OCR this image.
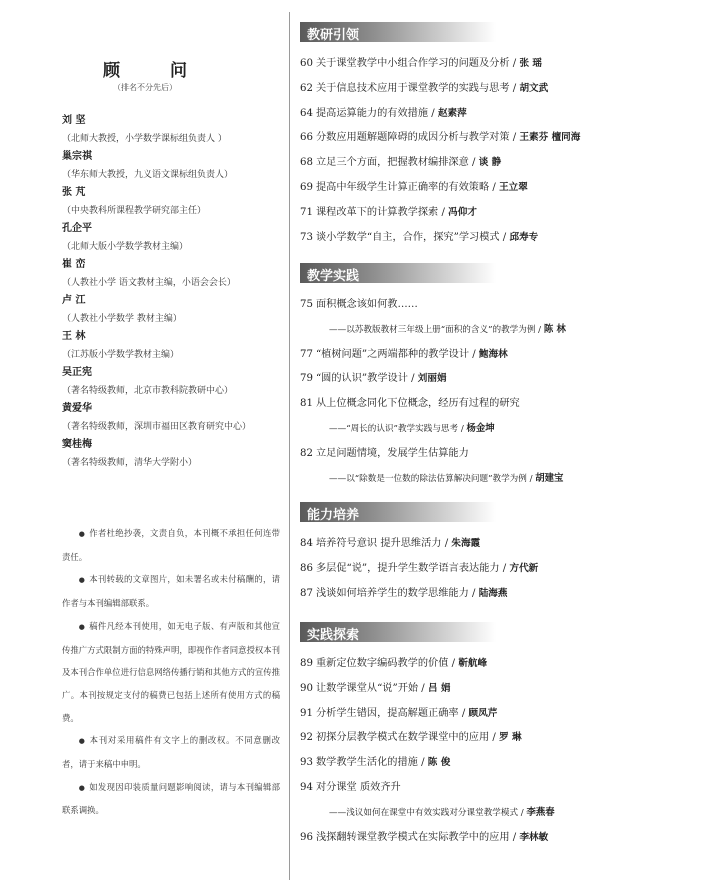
顾 问
（排名不分先后）
刘 坚
（北师大教授，小学数学课标组负责人 ）
巢宗祺
（华东师大教授，九义语文课标组负责人）
张 芃
（中央教科所课程教学研究部主任）
孔企平
（北师大版小学数学教材主编）
崔 峦
（人教社小学 语文教材主编，小语会会长）
卢 江
（人教社小学数学 教材主编）
王 林
（江苏版小学数学教材主编）
吴正宪
（著名特级教师，北京市教科院教研中心）
黄爱华
（著名特级教师，深圳市福田区教育研究中心）
窦桂梅
（著名特级教师，清华大学附小）

● 作者杜绝抄袭，文责自负，本刊概不承担任何连带责任。

● 本刊转载的文章图片，如未署名或未付稿酬的，请作者与本刊编辑部联系。

● 稿件凡经本刊使用，如无电子版、有声版和其他宣传推广方式限制方面的特殊声明，即视作作者同意授权本刊及本刊合作单位进行信息网络传播行销和其他方式的宣传推广。本刊按规定支付的稿费已包括上述所有使用方式的稿费。

● 本刊对采用稿件有文字上的删改权。不同意删改者，请于来稿中申明。

● 如发现因印装质量问题影响阅读，请与本刊编辑部联系调换。

教研引领
60 关于课堂教学中小组合作学习的问题及分析 / 张 瑶
62 关于信息技术应用于课堂教学的实践与思考 / 胡文武
64 提高运算能力的有效措施 / 赵素萍
66 分数应用题解题障碍的成因分析与教学对策 / 王素芬 檀同海
68 立足三个方面，把握教材编排深意 / 谈 静
69 提高中年级学生计算正确率的有效策略 / 王立翠
71 课程改革下的计算教学探索 / 冯仰才
73 谈小学数学“自主，合作，探究”学习模式 / 邱寿专
教学实践
75 面积概念该如何教……
——以苏教版教材三年级上册“面积的含义”的教学为例 / 陈 林
77 “植树问题”之两端都种的教学设计 / 鲍海林
79 “圆的认识”教学设计 / 刘丽娟
81 从上位概念同化下位概念，经历有过程的研究
——“周长的认识”教学实践与思考 / 杨金坤
82 立足问题情境，发展学生估算能力
——以“除数是一位数的除法估算解决问题”教学为例 / 胡建宝
能力培养
84 培养符号意识 提升思维活力 / 朱海霞
86 多层促“说”，提升学生数学语言表达能力 / 方代新
87 浅谈如何培养学生的数学思维能力 / 陆海燕
实践探索
89 重新定位数字编码教学的价值 / 靳航峰
90 让数学课堂从“说”开始 / 吕 娟
91 分析学生错因，提高解题正确率 / 顾凤芹
92 初探分层教学模式在数学课堂中的应用 / 罗 琳
93 数学教学生活化的措施 / 陈 俊
94 对分课堂 质效齐升
——浅议如何在课堂中有效实践对分课堂教学模式 / 李燕春
96 浅探翻转课堂教学模式在实际教学中的应用 / 李林敏
